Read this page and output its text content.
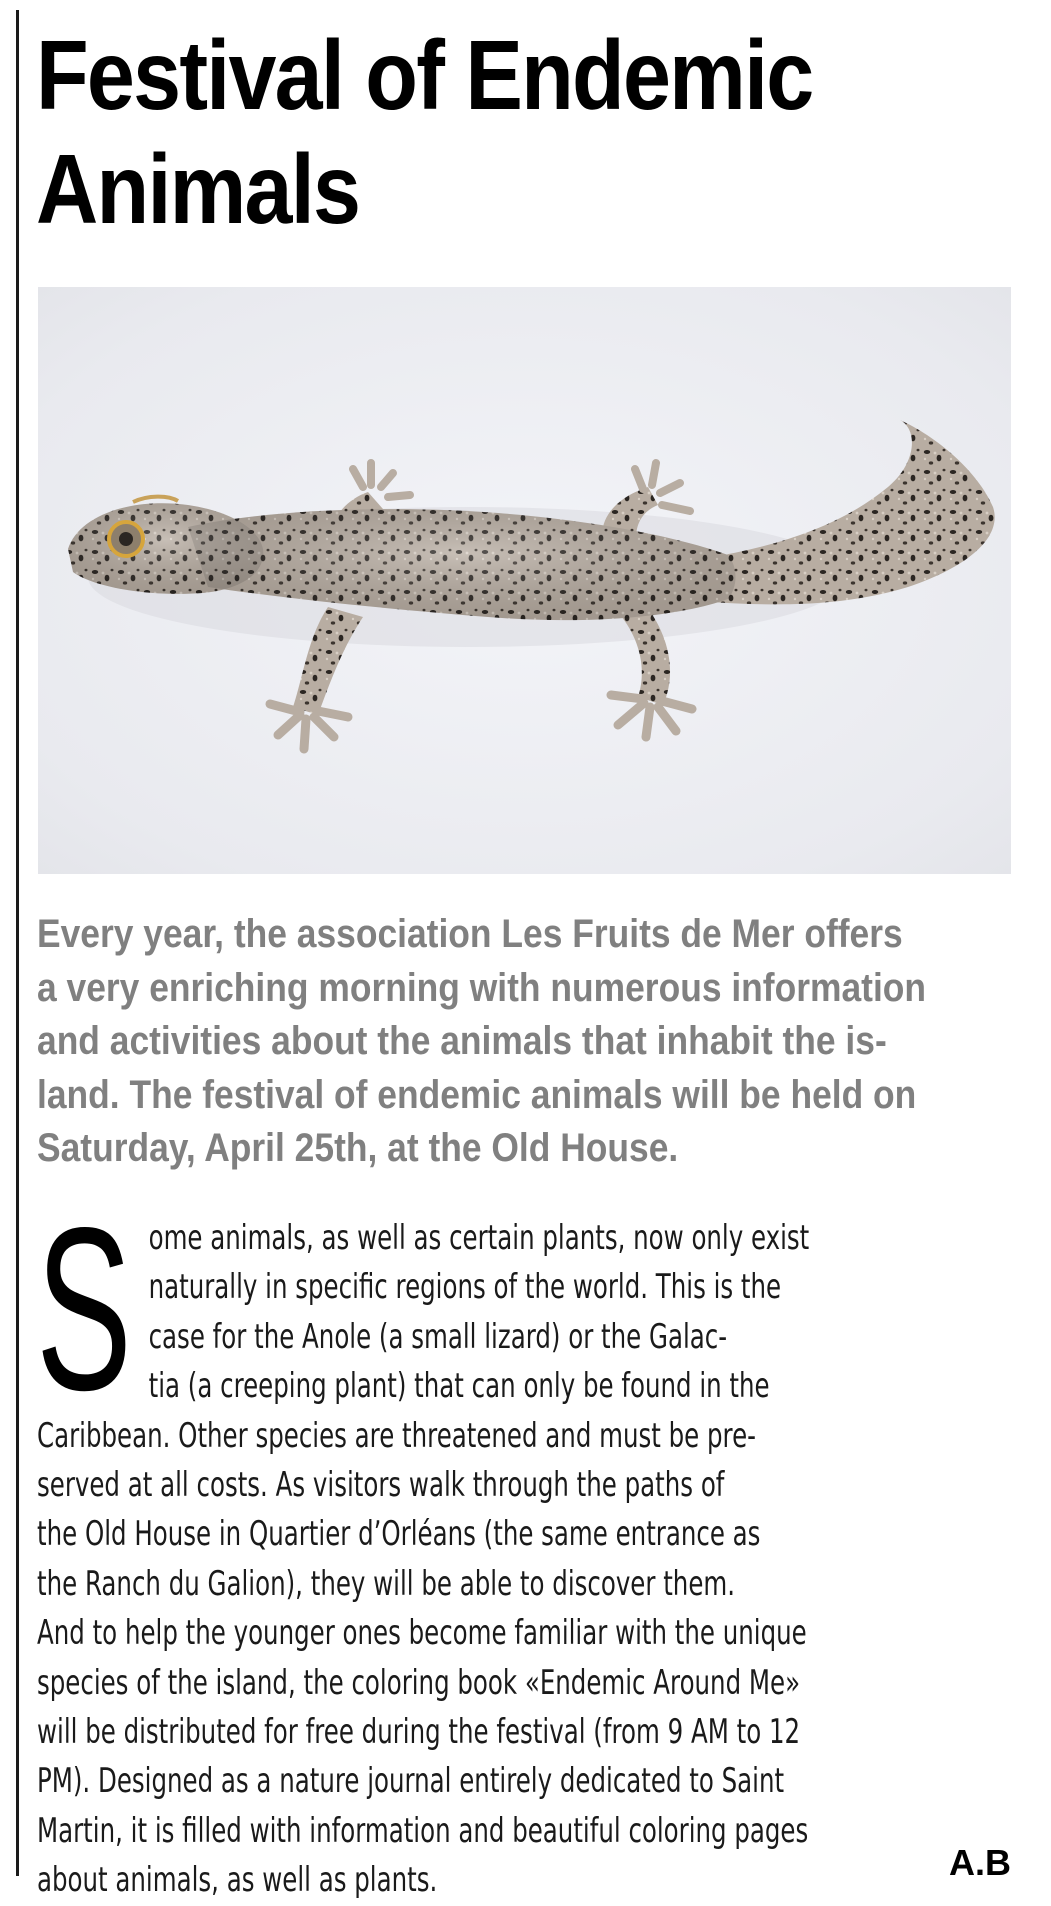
Festival of Endemic
Animals
Every year, the association Les Fruits de Mer offers
a very enriching morning with numerous information
and activities about the animals that inhabit the is-
land. The festival of endemic animals will be held on
Saturday, April 25th, at the Old House.
S ome animals, as well as certain plants, now only exist
naturally in specific regions of the world. This is the
case for the Anole (a small lizard) or the Galac-
tia (a creeping plant) that can only be found in the
Caribbean. Other species are threatened and must be pre-
served at all costs. As visitors walk through the paths of
the Old House in Quartier d’Orléans (the same entrance as
the Ranch du Galion), they will be able to discover them.
And to help the younger ones become familiar with the unique
species of the island, the coloring book «Endemic Around Me»
will be distributed for free during the festival (from 9 AM to 12
PM). Designed as a nature journal entirely dedicated to Saint
Martin, it is filled with information and beautiful coloring pages
about animals, as well as plants.	A.B
